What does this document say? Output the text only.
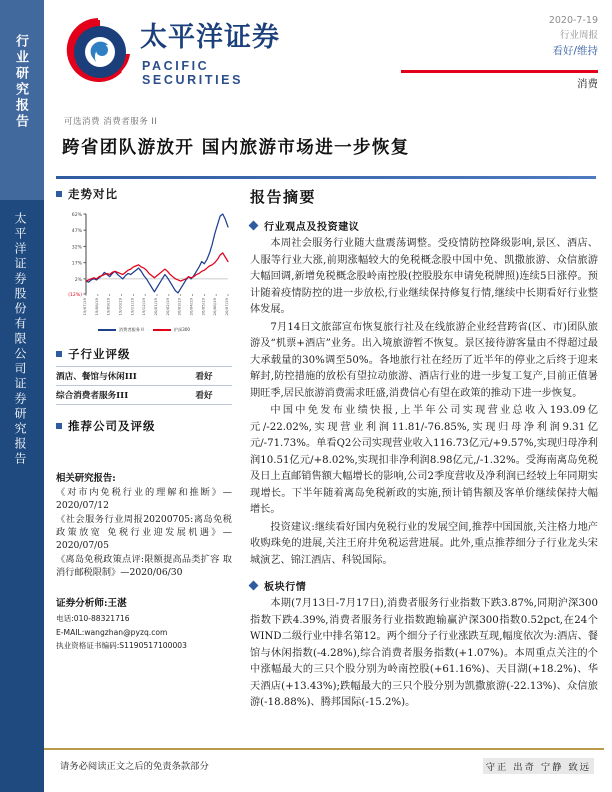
行业研究报告
太平洋证券股份有限公司证券研究报告
太平洋证券
PACIFIC SECURITIES
2020-7-19
行业周报
看好/维持
消费
可选消费 消费者服务 II
跨省团队游放开 国内旅游市场进一步恢复
走势对比
62%
47%
32%
17%
2%
(12%)
19/07/19 19/08/19 19/09/19 19/10/19 19/11/19 19/12/19 20/01/19 20/02/19 20/03/19 20/04/19 20/05/19 20/06/19 20/07/19
消费者服务 II	沪深300
子行业评级
酒店、餐馆与休闲III	看好
综合消费者服务III	看好
推荐公司及评级
相关研究报告:
《对市内免税行业的理解和推断》—2020/07/12
《社会服务行业周报20200705:离岛免税政策放宽 免税行业迎发展机遇》—2020/07/05
《离岛免税政策点评:限额提高品类扩容 取消行邮税限制》—2020/06/30
证券分析师:王湛
电话:010-88321716
E-MAIL:wangzhan@pyzq.com
执业资格证书编码:S1190517100003
报告摘要
行业观点及投资建议

本周社会服务行业随大盘震荡调整。受疫情防控降级影响,景区、酒店、人服等行业大涨,前期涨幅较大的免税概念股中国中免、凯撒旅游、众信旅游大幅回调,新增免税概念股岭南控股(控股股东申请免税牌照)连续5日涨停。预计随着疫情防控的进一步放松,行业继续保持修复行情,继续中长期看好行业整体发展。

7月14日文旅部宣布恢复旅行社及在线旅游企业经营跨省(区、市)团队旅游及“机票+酒店”业务。出入境旅游暂不恢复。景区接待游客量由不得超过最大承载量的30%调至50%。各地旅行社在经历了近半年的停业之后终于迎来解封,防控措施的放松有望拉动旅游、酒店行业的进一步复工复产,目前正值暑期旺季,居民旅游消费需求旺盛,消费信心有望在政策的推动下进一步恢复。

中国中免发布业绩快报,上半年公司实现营业总收入193.09亿元/-22.02%,实现营业利润11.81/-76.85%,实现归母净利润9.31亿元/-71.73%。单看Q2公司实现营业收入116.73亿元/+9.57%,实现归母净利润10.51亿元/+8.02%,实现扣非净利润8.98亿元,/-1.32%。受海南离岛免税及日上直邮销售额大幅增长的影响,公司2季度营收及净利润已经较上年同期实现增长。下半年随着离岛免税新政的实施,预计销售额及客单价继续保持大幅增长。

投资建议:继续看好国内免税行业的发展空间,推荐中国国旅,关注格力地产收购珠免的进展,关注王府井免税运营进展。此外,重点推荐细分子行业龙头宋城演艺、锦江酒店、科锐国际。

板块行情

本期(7月13日-7月17日),消费者服务行业指数下跌3.87%,同期沪深300指数下跌4.39%,消费者服务行业指数跑输赢沪深300指数0.52pct,在24个WIND二级行业中排名第12。两个细分子行业涨跌互现,幅度依次为:酒店、餐馆与休闲指数(-4.28%),综合消费者服务指数(+1.07%)。本周重点关注的个中涨幅最大的三只个股分别为岭南控股(+61.16%)、天目湖(+18.2%)、华天酒店(+13.43%);跌幅最大的三只个股分别为凯撒旅游(-22.13%)、众信旅游(-18.88%)、腾邦国际(-15.2%)。

请务必阅读正文之后的免责条款部分	守正 出奇 宁静 致远
